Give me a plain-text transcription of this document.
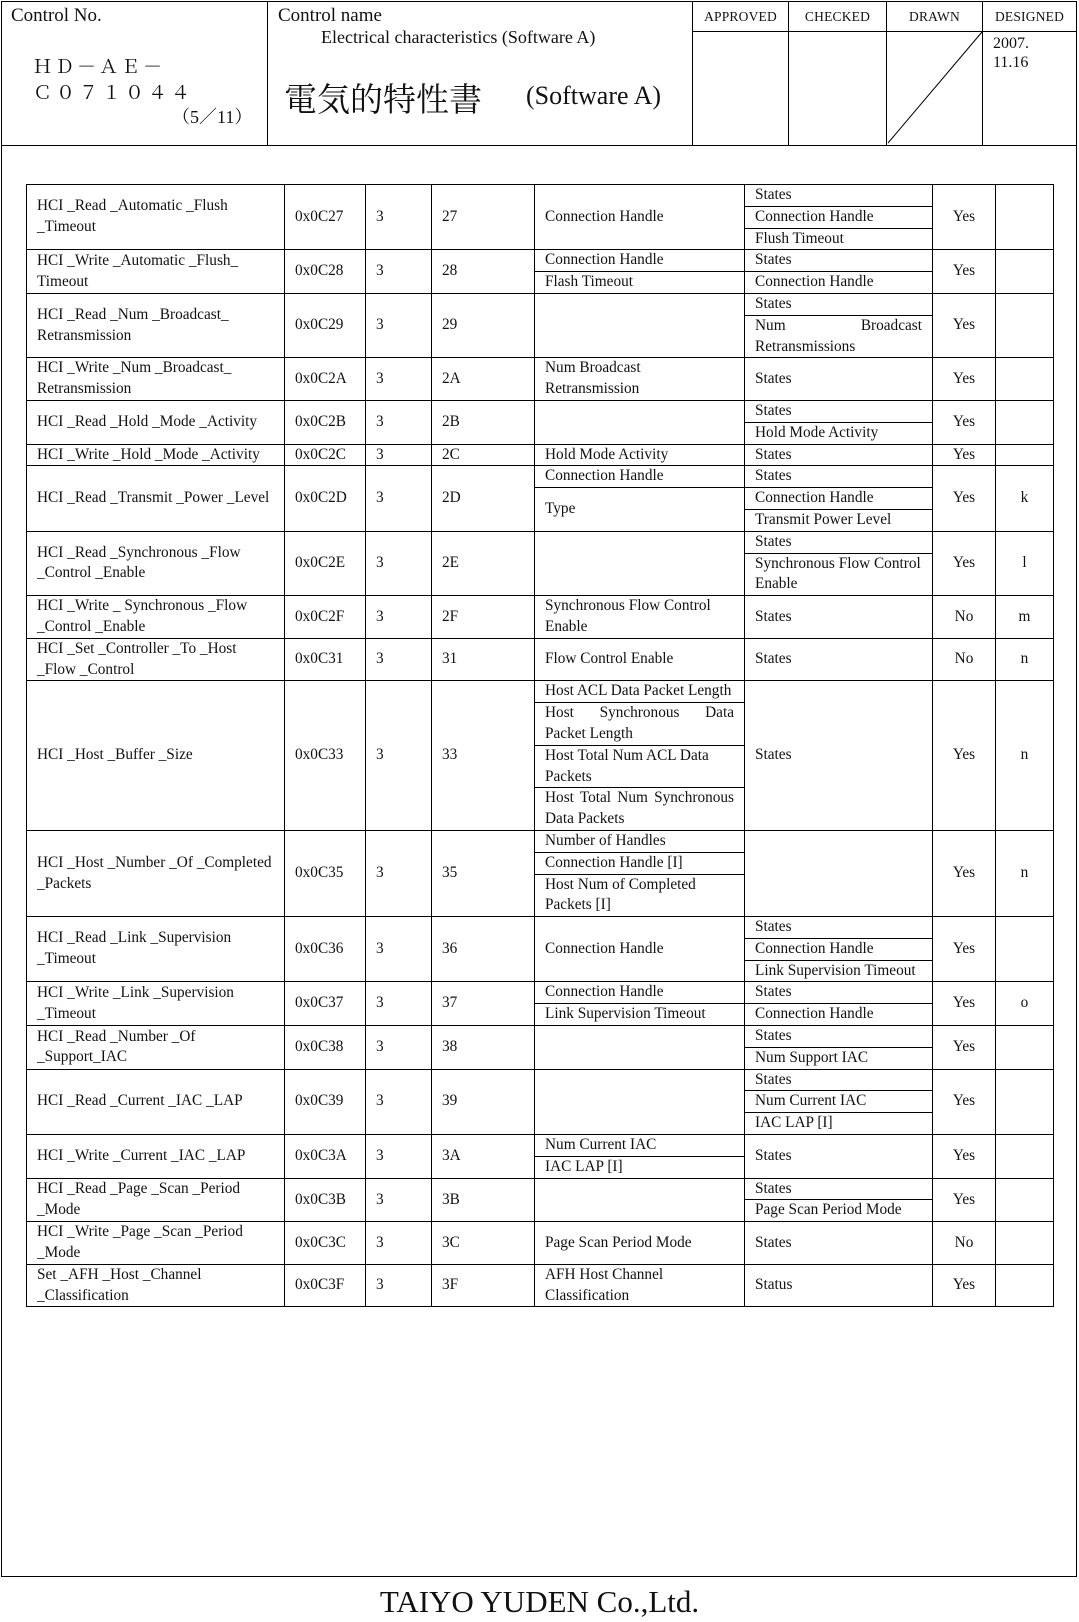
Control No.
ＨＤ－ＡＥ－
Ｃ０７１０４４
（5／11）
Control name
Electrical characteristics (Software A)
電気的特性書 (Software A)
APPROVED	CHECKED	DRAWN	DESIGNED
2007.
11.16
HCI _Read _Automatic _Flush _Timeout	0x0C27	3	27	Connection Handle	States	Yes	
					Connection Handle		
					Flush Timeout		
HCI _Write _Automatic _Flush_ Timeout	0x0C28	3	28	Connection Handle	States	Yes	
				Flash Timeout	Connection Handle		
HCI _Read _Num _Broadcast_ Retransmission	0x0C29	3	29		States	Yes	
					Num Broadcast Retransmissions		
HCI _Write _Num _Broadcast_ Retransmission	0x0C2A	3	2A	Num Broadcast Retransmission	States	Yes	
HCI _Read _Hold _Mode _Activity	0x0C2B	3	2B		States	Yes	
					Hold Mode Activity		
HCI _Write _Hold _Mode _Activity	0x0C2C	3	2C	Hold Mode Activity	States	Yes	
HCI _Read _Transmit _Power _Level	0x0C2D	3	2D	Connection Handle	States	Yes	k
				Type	Connection Handle		
					Transmit Power Level		
HCI _Read _Synchronous _Flow _Control _Enable	0x0C2E	3	2E		States	Yes	l
					Synchronous Flow Control Enable		
HCI _Write _ Synchronous _Flow _Control _Enable	0x0C2F	3	2F	Synchronous Flow Control Enable	States	No	m
HCI _Set _Controller _To _Host _Flow _Control	0x0C31	3	31	Flow Control Enable	States	No	n
HCI _Host _Buffer _Size	0x0C33	3	33	Host ACL Data Packet Length	States	Yes	n
				Host Synchronous Data Packet Length			
				Host Total Num ACL Data Packets			
				Host Total Num Synchronous Data Packets			
HCI _Host _Number _Of _Completed _Packets	0x0C35	3	35	Number of Handles		Yes	n
				Connection Handle [I]			
				Host Num of Completed Packets [I]			
HCI _Read _Link _Supervision _Timeout	0x0C36	3	36	Connection Handle	States	Yes	
					Connection Handle		
					Link Supervision Timeout		
HCI _Write _Link _Supervision _Timeout	0x0C37	3	37	Connection Handle	States	Yes	o
				Link Supervision Timeout	Connection Handle		
HCI _Read _Number _Of _Support_IAC	0x0C38	3	38		States	Yes	
					Num Support IAC		
HCI _Read _Current _IAC _LAP	0x0C39	3	39		States	Yes	
					Num Current IAC		
					IAC LAP [I]		
HCI _Write _Current _IAC _LAP	0x0C3A	3	3A	Num Current IAC	States	Yes	
				IAC LAP [I]			
HCI _Read _Page _Scan _Period _Mode	0x0C3B	3	3B		States	Yes	
					Page Scan Period Mode		
HCI _Write _Page _Scan _Period _Mode	0x0C3C	3	3C	Page Scan Period Mode	States	No	
Set _AFH _Host _Channel _Classification	0x0C3F	3	3F	AFH Host Channel Classification	Status	Yes	
TAIYO YUDEN Co.,Ltd.
